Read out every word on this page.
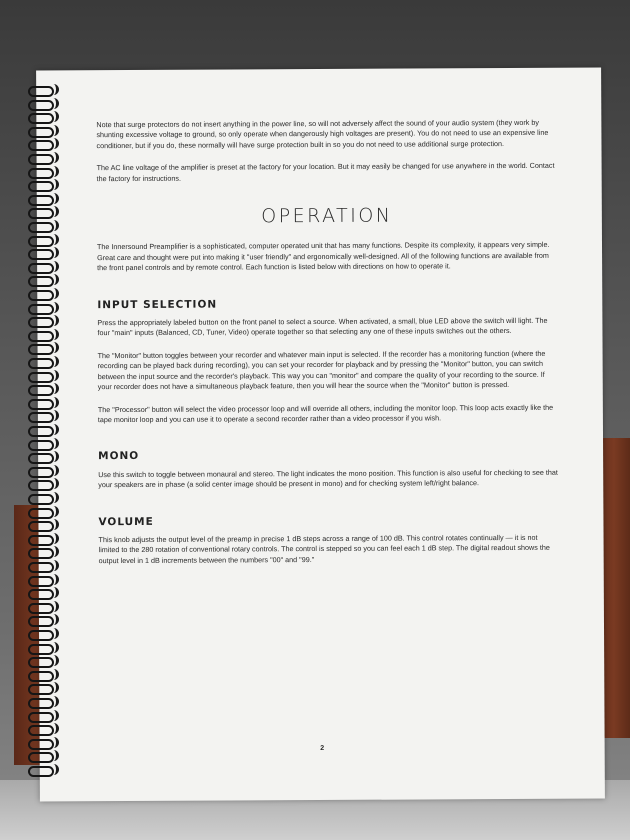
Note that surge protectors do not insert anything in the power line, so will not adversely affect the sound of your audio system (they work by shunting excessive voltage to ground, so only operate when dangerously high voltages are present). You do not need to use an expensive line conditioner, but if you do, these normally will have surge protection built in so you do not need to use additional surge protection.

The AC line voltage of the amplifier is preset at the factory for your location. But it may easily be changed for use anywhere in the world. Contact the factory for instructions.

OPERATION

The Innersound Preamplifier is a sophisticated, computer operated unit that has many functions. Despite its complexity, it appears very simple. Great care and thought were put into making it "user friendly" and ergonomically well-designed. All of the following functions are available from the front panel controls and by remote control. Each function is listed below with directions on how to operate it.

INPUT SELECTION

Press the appropriately labeled button on the front panel to select a source. When activated, a small, blue LED above the switch will light. The four "main" inputs (Balanced, CD, Tuner, Video) operate together so that selecting any one of these inputs switches out the others.

The "Monitor" button toggles between your recorder and whatever main input is selected. If the recorder has a monitoring function (where the recording can be played back during recording), you can set your recorder for playback and by pressing the "Monitor" button, you can switch between the input source and the recorder's playback. This way you can "monitor" and compare the quality of your recording to the source. If your recorder does not have a simultaneous playback feature, then you will hear the source when the "Monitor" button is pressed.

The "Processor" button will select the video processor loop and will override all others, including the monitor loop. This loop acts exactly like the tape monitor loop and you can use it to operate a second recorder rather than a video processor if you wish.

MONO

Use this switch to toggle between monaural and stereo. The light indicates the mono position. This function is also useful for checking to see that your speakers are in phase (a solid center image should be present in mono) and for checking system left/right balance.

VOLUME

This knob adjusts the output level of the preamp in precise 1 dB steps across a range of 100 dB. This control rotates continually — it is not limited to the 280 rotation of conventional rotary controls. The control is stepped so you can feel each 1 dB step. The digital readout shows the output level in 1 dB increments between the numbers "00" and "99."

2
